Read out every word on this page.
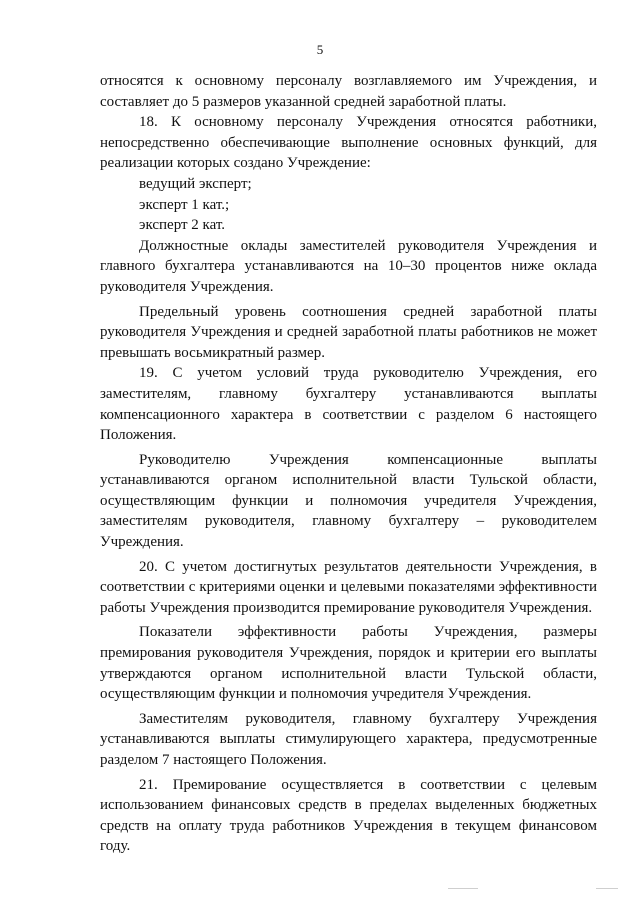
5

относятся к основному персоналу возглавляемого им Учреждения, и составляет до 5 размеров указанной средней заработной платы.

18. К основному персоналу Учреждения относятся работники, непосредственно обеспечивающие выполнение основных функций, для реализации которых создано Учреждение:

ведущий эксперт;
эксперт 1 кат.;
эксперт 2 кат.

Должностные оклады заместителей руководителя Учреждения и главного бухгалтера устанавливаются на 10–30 процентов ниже оклада руководителя Учреждения.

Предельный уровень соотношения средней заработной платы руководителя Учреждения и средней заработной платы работников не может превышать восьмикратный размер.

19. С учетом условий труда руководителю Учреждения, его заместителям, главному бухгалтеру устанавливаются выплаты компенсационного характера в соответствии с разделом 6 настоящего Положения.

Руководителю Учреждения компенсационные выплаты устанавливаются органом исполнительной власти Тульской области, осуществляющим функции и полномочия учредителя Учреждения, заместителям руководителя, главному бухгалтеру – руководителем Учреждения.

20. С учетом достигнутых результатов деятельности Учреждения, в соответствии с критериями оценки и целевыми показателями эффективности работы Учреждения производится премирование руководителя Учреждения.

Показатели эффективности работы Учреждения, размеры премирования руководителя Учреждения, порядок и критерии его выплаты утверждаются органом исполнительной власти Тульской области, осуществляющим функции и полномочия учредителя Учреждения.

Заместителям руководителя, главному бухгалтеру Учреждения устанавливаются выплаты стимулирующего характера, предусмотренные разделом 7 настоящего Положения.

21. Премирование осуществляется в соответствии с целевым использованием финансовых средств в пределах выделенных бюджетных средств на оплату труда работников Учреждения в текущем финансовом году.
